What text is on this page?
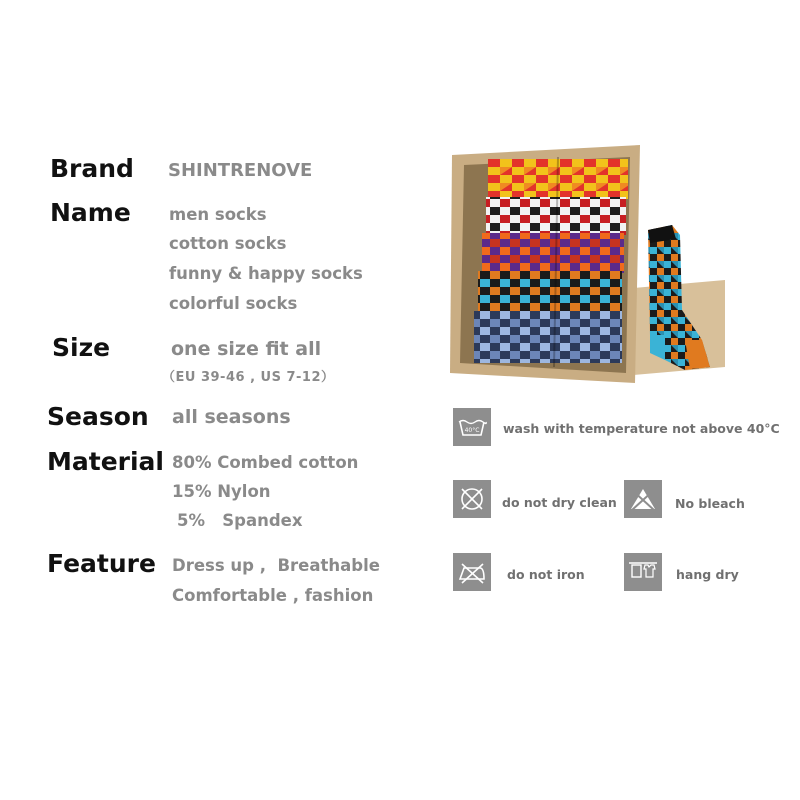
Brand SHINTRENOVE
Name men socks
cotton socks
funny & happy socks
colorful socks
Size	one size fit all
（EU 39-46 , US 7-12）
Season all seasons
Material 80% Combed cotton
15% Nylon
5%   Spandex
Feature Dress up ,  Breathable
Comfortable , fashion
40°C wash with temperature not above 40°C
do not dry clean	No bleach
do not iron	hang dry
